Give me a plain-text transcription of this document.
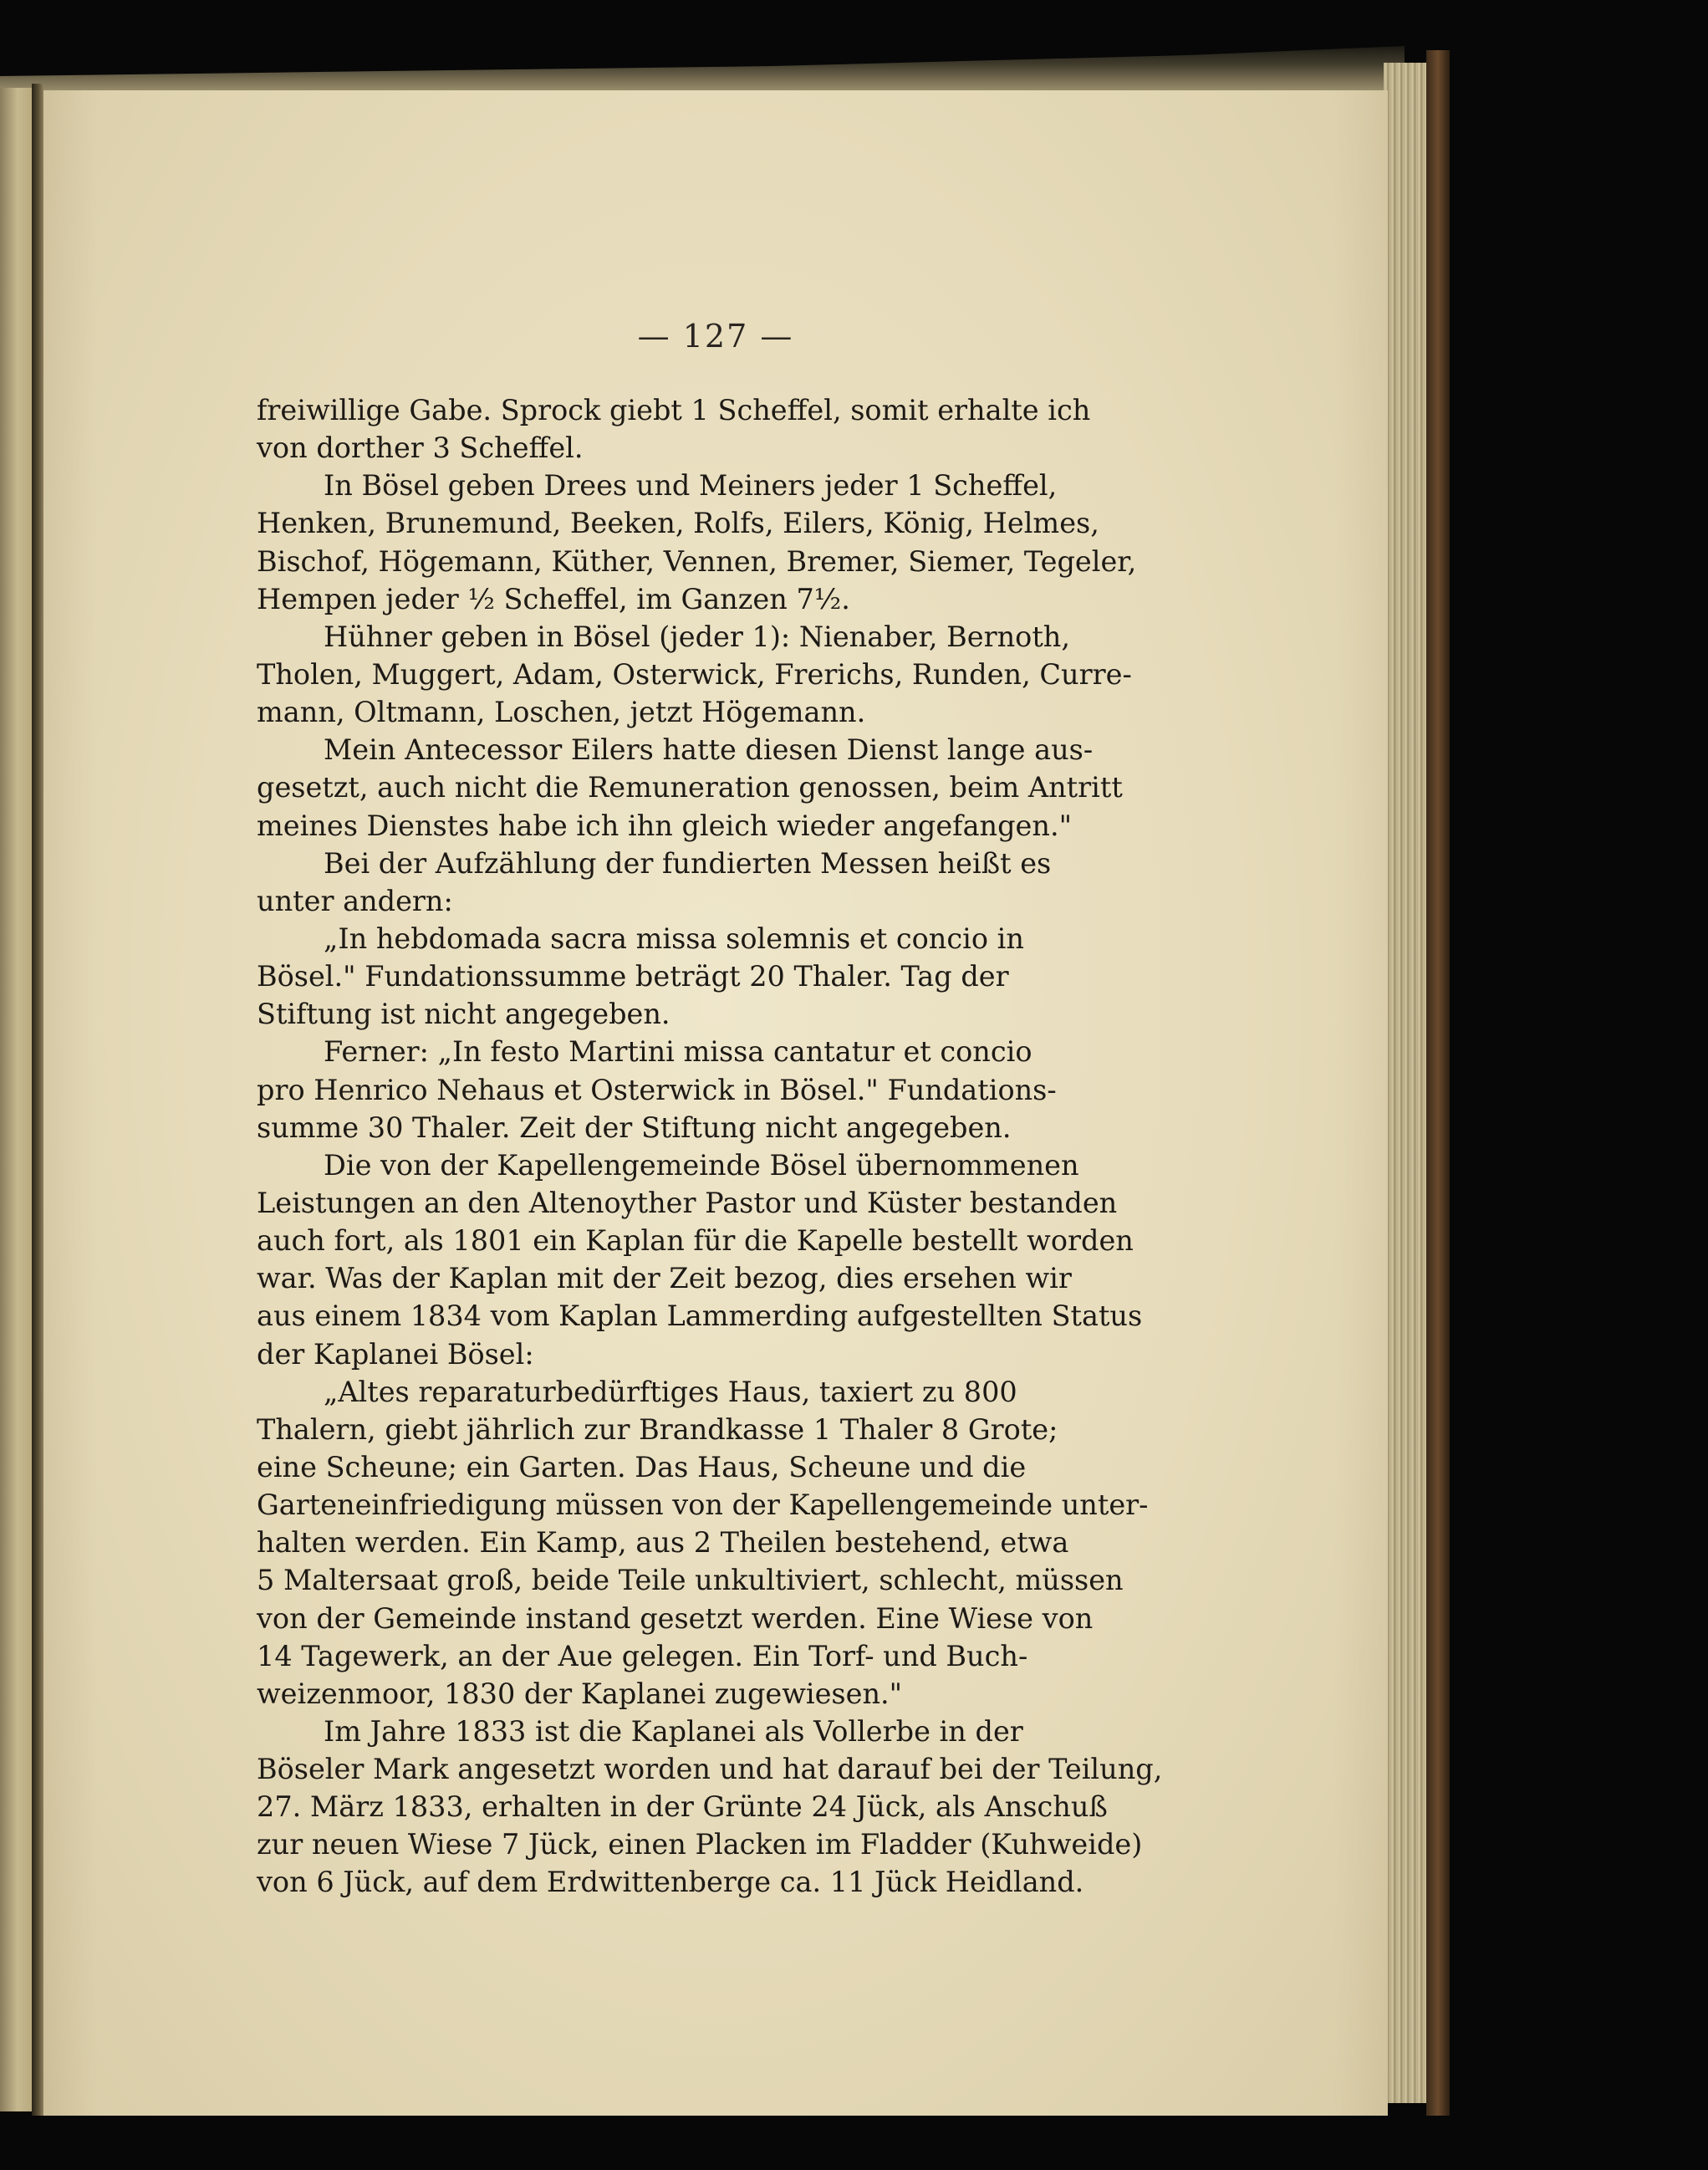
— 127 —
freiwillige Gabe. Sprock giebt 1 Scheffel, somit erhalte ich
von dorther 3 Scheffel.
In Bösel geben Drees und Meiners jeder 1 Scheffel,
Henken, Brunemund, Beeken, Rolfs, Eilers, König, Helmes,
Bischof, Högemann, Küther, Vennen, Bremer, Siemer, Tegeler,
Hempen jeder ½ Scheffel, im Ganzen 7½.
Hühner geben in Bösel (jeder 1): Nienaber, Bernoth,
Tholen, Muggert, Adam, Osterwick, Frerichs, Runden, Curre-
mann, Oltmann, Loschen, jetzt Högemann.
Mein Antecessor Eilers hatte diesen Dienst lange aus-
gesetzt, auch nicht die Remuneration genossen, beim Antritt
meines Dienstes habe ich ihn gleich wieder angefangen."
Bei der Aufzählung der fundierten Messen heißt es
unter andern:
„In hebdomada sacra missa solemnis et concio in
Bösel." Fundationssumme beträgt 20 Thaler. Tag der
Stiftung ist nicht angegeben.
Ferner: „In festo Martini missa cantatur et concio
pro Henrico Nehaus et Osterwick in Bösel." Fundations-
summe 30 Thaler. Zeit der Stiftung nicht angegeben.
Die von der Kapellengemeinde Bösel übernommenen
Leistungen an den Altenoyther Pastor und Küster bestanden
auch fort, als 1801 ein Kaplan für die Kapelle bestellt worden
war. Was der Kaplan mit der Zeit bezog, dies ersehen wir
aus einem 1834 vom Kaplan Lammerding aufgestellten Status
der Kaplanei Bösel:
„Altes reparaturbedürftiges Haus, taxiert zu 800
Thalern, giebt jährlich zur Brandkasse 1 Thaler 8 Grote;
eine Scheune; ein Garten. Das Haus, Scheune und die
Garteneinfriedigung müssen von der Kapellengemeinde unter-
halten werden. Ein Kamp, aus 2 Theilen bestehend, etwa
5 Maltersaat groß, beide Teile unkultiviert, schlecht, müssen
von der Gemeinde instand gesetzt werden. Eine Wiese von
14 Tagewerk, an der Aue gelegen. Ein Torf- und Buch-
weizenmoor, 1830 der Kaplanei zugewiesen."
Im Jahre 1833 ist die Kaplanei als Vollerbe in der
Böseler Mark angesetzt worden und hat darauf bei der Teilung,
27. März 1833, erhalten in der Grünte 24 Jück, als Anschuß
zur neuen Wiese 7 Jück, einen Placken im Fladder (Kuhweide)
von 6 Jück, auf dem Erdwittenberge ca. 11 Jück Heidland.
